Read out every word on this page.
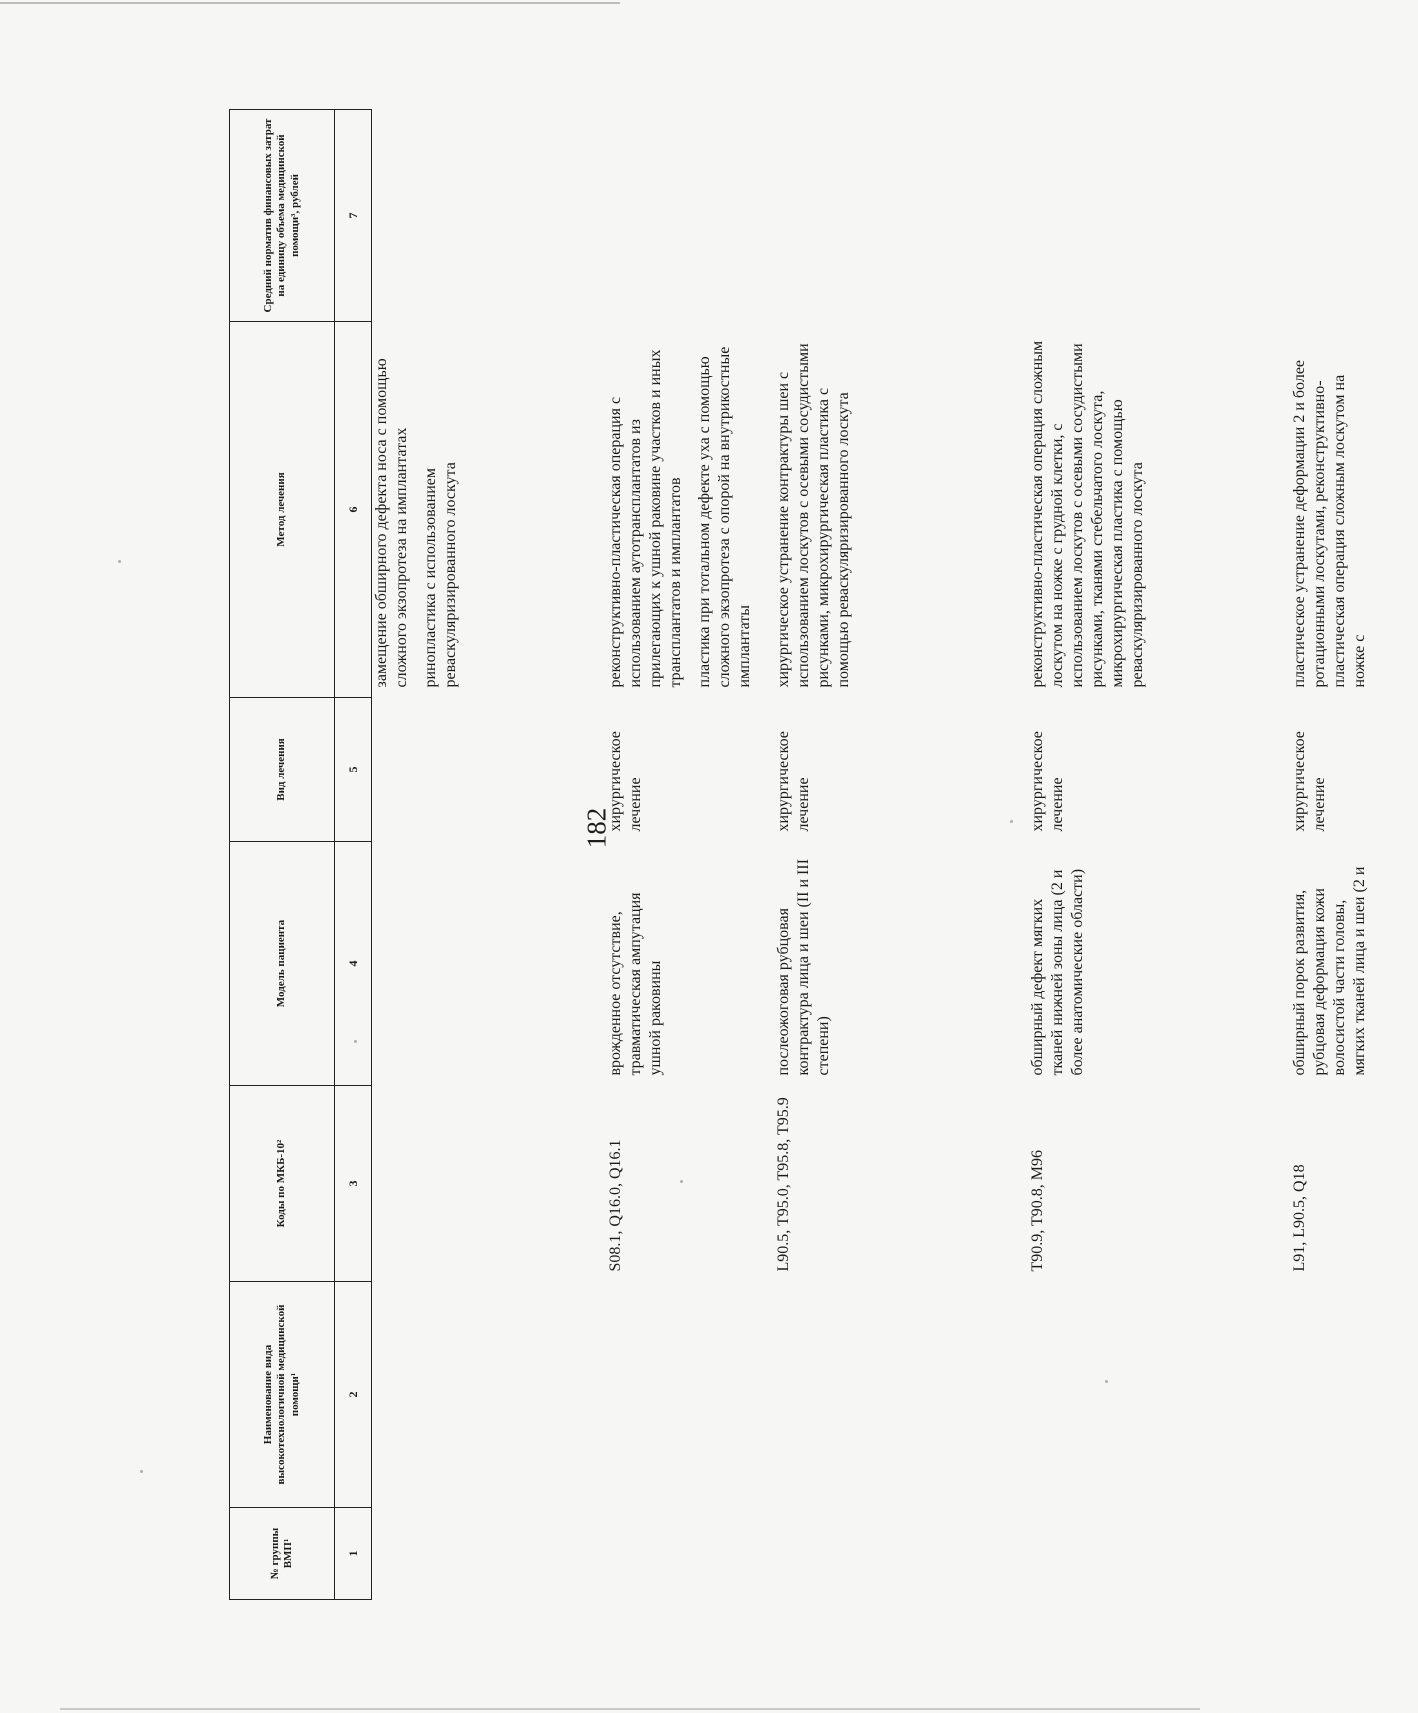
182
№ группы ВМП¹	Наименование вида высокотехнологичной медицинской помощи¹	Коды по МКБ-10²	Модель пациента	Вид лечения	Метод лечения	Средний норматив финансовых затрат на единицу объема медицинской помощи³, рублей
1	2	3	4	5	6	7

					замещение обширного дефекта носа с помощью сложного экзопротеза на имплантатах ринопластика с использованием реваскуляризированного лоскута	

		S08.1, Q16.0, Q16.1	врожденное отсутствие, травматическая ампутация ушной раковины	хирургическое лечение	реконструктивно-пластическая операция с использованием аутотрансплантатов из прилегающих к ушной раковине участков и иных трансплантатов и имплантатов пластика при тотальном дефекте уха с помощью сложного экзопротеза с опорой на внутрикостные имплантаты	

		L90.5, T95.0, T95.8, T95.9	послеожоговая рубцовая контрактура лица и шеи (II и III степени)	хирургическое лечение	хирургическое устранение контрактуры шеи с использованием лоскутов с осевыми сосудистыми рисунками, микрохирургическая пластика с помощью реваскуляризированного лоскута	

		T90.9, T90.8, M96	обширный дефект мягких тканей нижней зоны лица (2 и более анатомические области)	хирургическое лечение	реконструктивно-пластическая операция сложным лоскутом на ножке с грудной клетки, с использованием лоскутов с осевыми сосудистыми рисунками, тканями стебельчатого лоскута, микрохирургическая пластика с помощью реваскуляризированного лоскута	

		L91, L90.5, Q18	обширный порок развития, рубцовая деформация кожи волосистой части головы, мягких тканей лица и шеи (2 и	хирургическое лечение	пластическое устранение деформации 2 и более ротационными лоскутами, реконструктивно-пластическая операция сложным лоскутом на ножке с	
